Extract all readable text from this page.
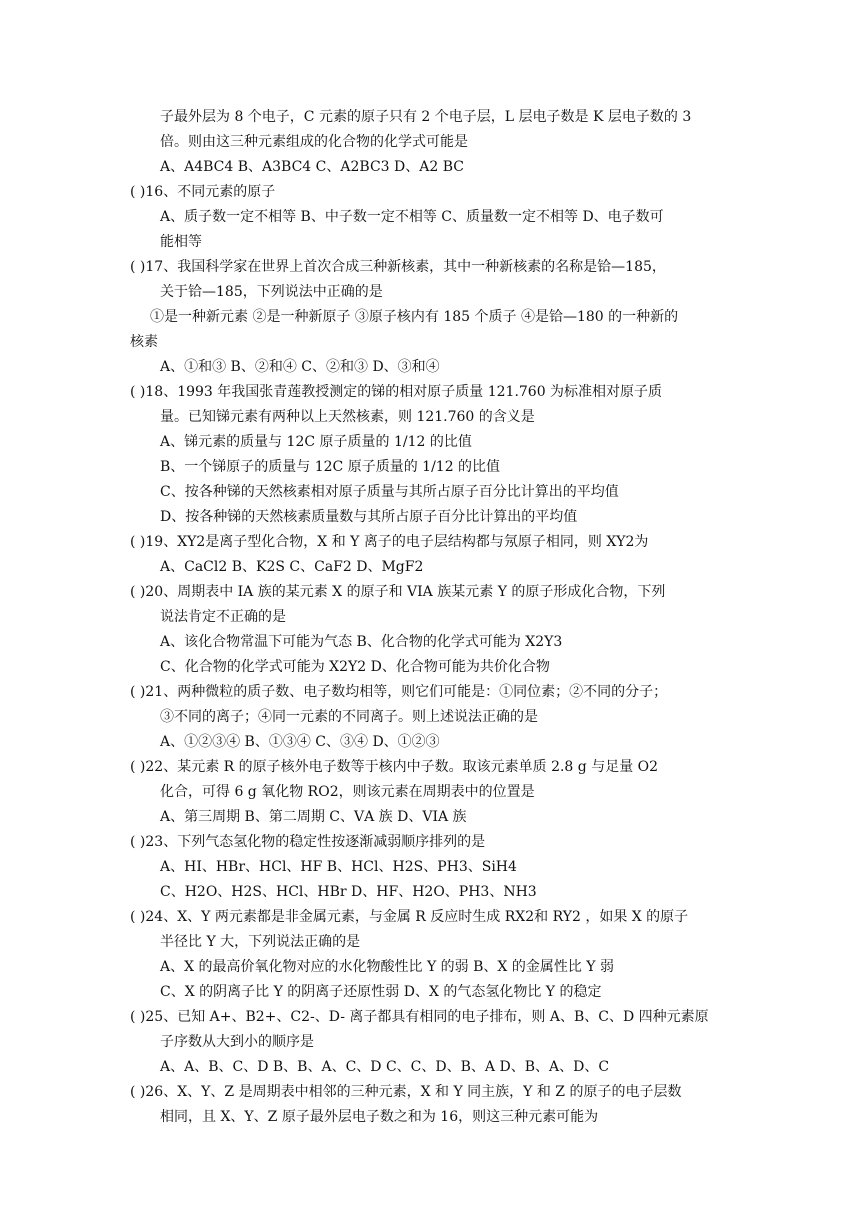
子最外层为 8 个电子，C 元素的原子只有 2 个电子层，L 层电子数是 K 层电子数的 3
倍。则由这三种元素组成的化合物的化学式可能是
A、A4BC4 B、A3BC4 C、A2BC3 D、A2 BC
( )16、不同元素的原子
A、质子数一定不相等 B、中子数一定不相等 C、质量数一定不相等 D、电子数可
能相等
( )17、我国科学家在世界上首次合成三种新核素，其中一种新核素的名称是铪—185，
关于铪—185，下列说法中正确的是
①是一种新元素 ②是一种新原子 ③原子核内有 185 个质子 ④是铪—180 的一种新的
核素
A、①和③ B、②和④ C、②和③ D、③和④
( )18、1993 年我国张青莲教授测定的锑的相对原子质量 121.760 为标准相对原子质
量。已知锑元素有两种以上天然核素，则 121.760 的含义是
A、锑元素的质量与 12C 原子质量的 1/12 的比值
B、一个锑原子的质量与 12C 原子质量的 1/12 的比值
C、按各种锑的天然核素相对原子质量与其所占原子百分比计算出的平均值
D、按各种锑的天然核素质量数与其所占原子百分比计算出的平均值
( )19、XY2是离子型化合物，X 和 Y 离子的电子层结构都与氖原子相同，则 XY2为
A、CaCl2 B、K2S C、CaF2 D、MgF2
( )20、周期表中 IA 族的某元素 X 的原子和 VIA 族某元素 Y 的原子形成化合物，下列
说法肯定不正确的是
A、该化合物常温下可能为气态 B、化合物的化学式可能为 X2Y3
C、化合物的化学式可能为 X2Y2 D、化合物可能为共价化合物
( )21、两种微粒的质子数、电子数均相等，则它们可能是：①同位素；②不同的分子；
③不同的离子；④同一元素的不同离子。则上述说法正确的是
A、①②③④ B、①③④ C、③④ D、①②③
( )22、某元素 R 的原子核外电子数等于核内中子数。取该元素单质 2.8 g 与足量 O2
化合，可得 6 g 氧化物 RO2，则该元素在周期表中的位置是
A、第三周期 B、第二周期 C、ⅤA 族 D、ⅤⅠA 族
( )23、下列气态氢化物的稳定性按逐渐减弱顺序排列的是
A、HI、HBr、HCl、HF B、HCl、H2S、PH3、SiH4
C、H2O、H2S、HCl、HBr D、HF、H2O、PH3、NH3
( )24、X、Y 两元素都是非金属元素，与金属 R 反应时生成 RX2和 RY2 ，如果 X 的原子
半径比 Y 大，下列说法正确的是
A、X 的最高价氧化物对应的水化物酸性比 Y 的弱 B、X 的金属性比 Y 弱
C、X 的阴离子比 Y 的阴离子还原性弱 D、X 的气态氢化物比 Y 的稳定
( )25、已知 A+、B2+、C2-、D- 离子都具有相同的电子排布，则 A、B、C、D 四种元素原
子序数从大到小的顺序是
A、A、B、C、D B、B、A、C、D C、C、D、B、A D、B、A、D、C
( )26、X、Y、Z 是周期表中相邻的三种元素，X 和 Y 同主族，Y 和 Z 的原子的电子层数
相同，且 X、Y、Z 原子最外层电子数之和为 16，则这三种元素可能为
